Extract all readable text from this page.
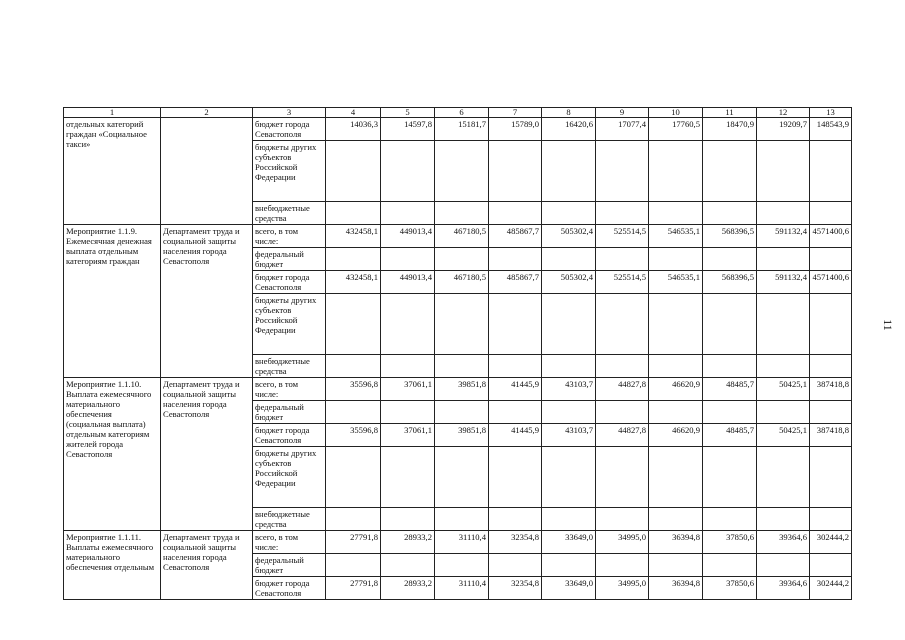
1	2	3	4	5	6	7	8	9	10	11	12	13
отдельных категорий граждан «Социальное такси»		бюджет города Севастополя	14036,3	14597,8	15181,7	15789,0	16420,6	17077,4	17760,5	18470,9	19209,7	148543,9
		бюджеты других субъектов Российской Федерации										
		внебюджетные средства										
Мероприятие 1.1.9. Ежемесячная денежная выплата отдельным категориям граждан	Департамент труда и социальной защиты населения города Севастополя	всего, в том числе:	432458,1	449013,4	467180,5	485867,7	505302,4	525514,5	546535,1	568396,5	591132,4	4571400,6
		федеральный бюджет										
		бюджет города Севастополя	432458,1	449013,4	467180,5	485867,7	505302,4	525514,5	546535,1	568396,5	591132,4	4571400,6
		бюджеты других субъектов Российской Федерации										
		внебюджетные средства										
Мероприятие 1.1.10. Выплата ежемесячного материального обеспечения (социальная выплата) отдельным категориям жителей города Севастополя	Департамент труда и социальной защиты населения города Севастополя	всего, в том числе:	35596,8	37061,1	39851,8	41445,9	43103,7	44827,8	46620,9	48485,7	50425,1	387418,8
		федеральный бюджет										
		бюджет города Севастополя	35596,8	37061,1	39851,8	41445,9	43103,7	44827,8	46620,9	48485,7	50425,1	387418,8
		бюджеты других субъектов Российской Федерации										
		внебюджетные средства										
Мероприятие 1.1.11. Выплаты ежемесячного материального обеспечения отдельным	Департамент труда и социальной защиты населения города Севастополя	всего, в том числе:	27791,8	28933,2	31110,4	32354,8	33649,0	34995,0	36394,8	37850,6	39364,6	302444,2
		федеральный бюджет										
		бюджет города Севастополя	27791,8	28933,2	31110,4	32354,8	33649,0	34995,0	36394,8	37850,6	39364,6	302444,2
11
